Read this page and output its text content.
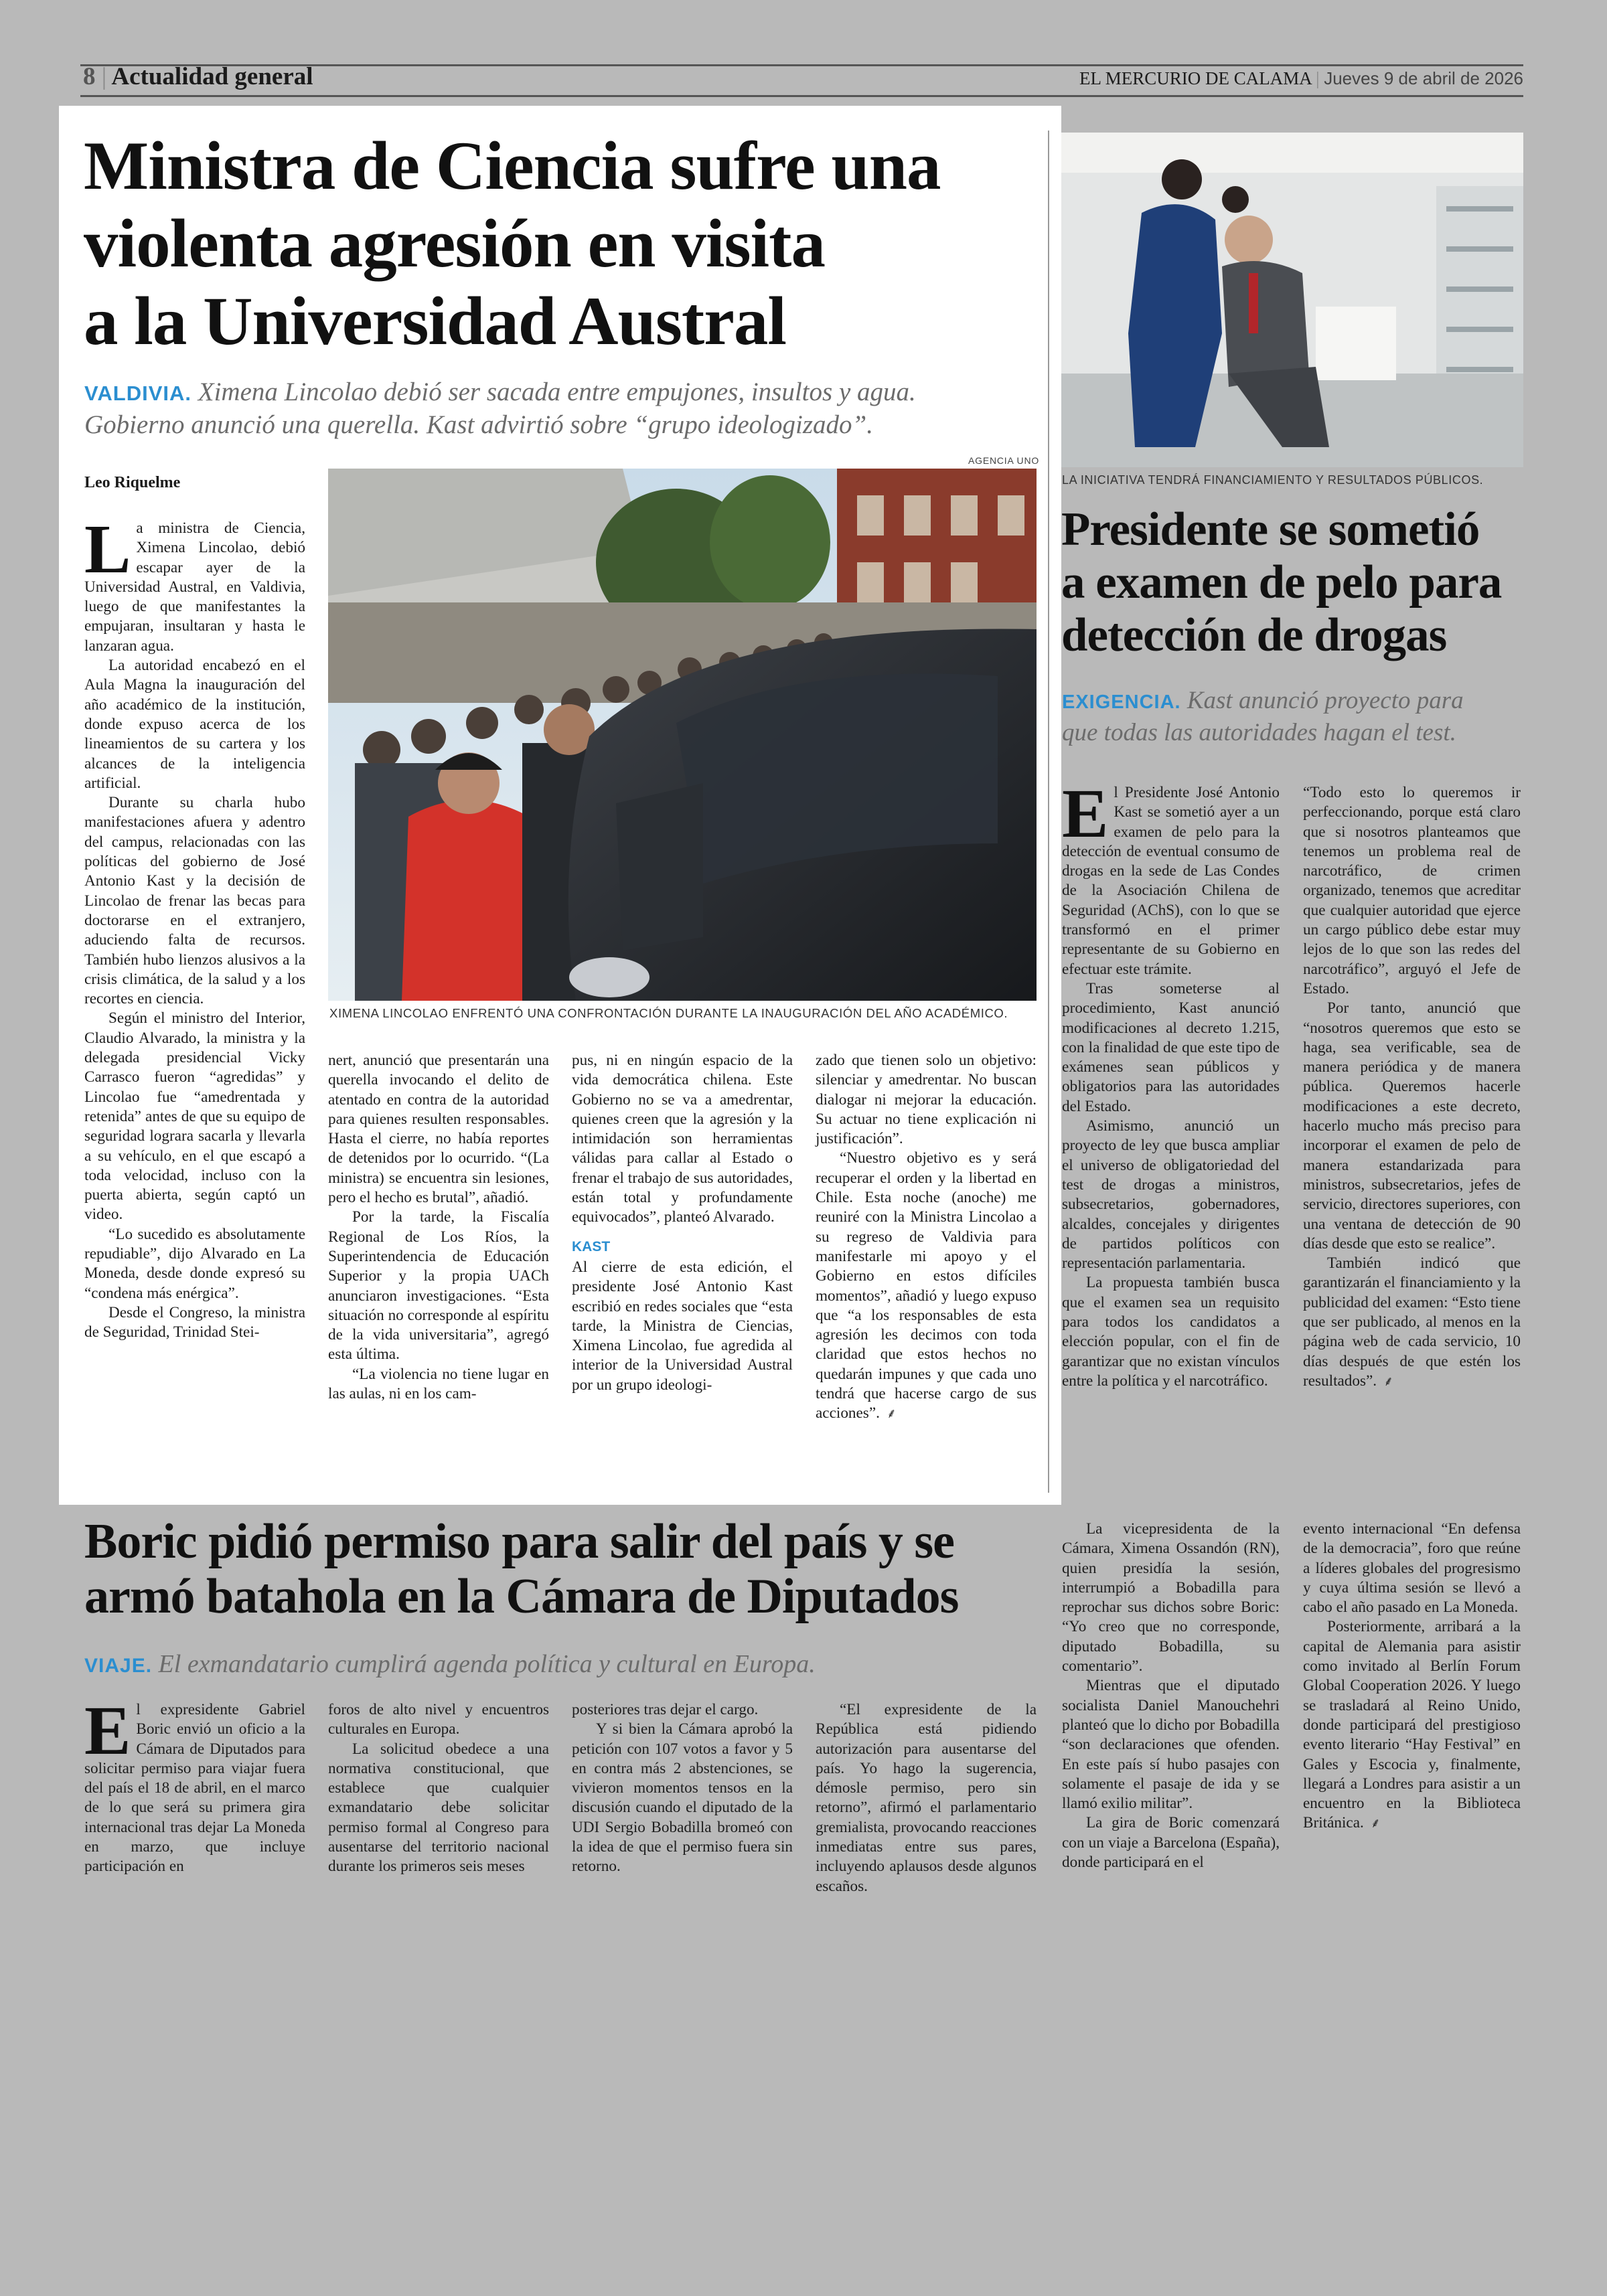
8 | Actualidad general	EL MERCURIO DE CALAMA | Jueves 9 de abril de 2026
Ministra de Ciencia sufre una
violenta agresión en visita
a la Universidad Austral
VALDIVIA. Ximena Lincolao debió ser sacada entre empujones, insultos y agua.
Gobierno anunció una querella. Kast advirtió sobre “grupo ideologizado”.
Leo Riquelme
AGENCIA UNO
XIMENA LINCOLAO ENFRENTÓ UNA CONFRONTACIÓN DURANTE LA INAUGURACIÓN DEL AÑO ACADÉMICO.

La ministra de Ciencia, Ximena Lincolao, debió escapar ayer de la Universidad Austral, en Valdivia, luego de que manifestantes la empujaran, insultaran y hasta le lanzaran agua.

La autoridad encabezó en el Aula Magna la inauguración del año académico de la institución, donde expuso acerca de los lineamientos de su cartera y los alcances de la inteligencia artificial.

Durante su charla hubo manifestaciones afuera y adentro del campus, relacionadas con las políticas del gobierno de José Antonio Kast y la decisión de Lincolao de frenar las becas para doctorarse en el extranjero, aduciendo falta de recursos. También hubo lienzos alusivos a la crisis climática, de la salud y a los recortes en ciencia.

Según el ministro del Interior, Claudio Alvarado, la ministra y la delegada presidencial Vicky Carrasco fueron “agredidas” y Lincolao fue “amedrentada y retenida” antes de que su equipo de seguridad lograra sacarla y llevarla a su vehículo, en el que escapó a toda velocidad, incluso con la puerta abierta, según captó un video.

“Lo sucedido es absolutamente repudiable”, dijo Alvarado en La Moneda, desde donde expresó su “condena más enérgica”.

Desde el Congreso, la ministra de Seguridad, Trinidad Stei-

nert, anunció que presentarán una querella invocando el delito de atentado en contra de la autoridad para quienes resulten responsables. Hasta el cierre, no había reportes de detenidos por lo ocurrido. “(La ministra) se encuentra sin lesiones, pero el hecho es brutal”, añadió.

Por la tarde, la Fiscalía Regional de Los Ríos, la Superintendencia de Educación Superior y la propia UACh anunciaron investigaciones. “Esta situación no corresponde al espíritu de la vida universitaria”, agregó esta última.

“La violencia no tiene lugar en las aulas, ni en los cam-

pus, ni en ningún espacio de la vida democrática chilena. Este Gobierno no se va a amedrentar, quienes creen que la agresión y la intimidación son herramientas válidas para callar al Estado o frenar el trabajo de sus autoridades, están total y profundamente equivocados”, planteó Alvarado.

KAST

Al cierre de esta edición, el presidente José Antonio Kast escribió en redes sociales que “esta tarde, la Ministra de Ciencias, Ximena Lincolao, fue agredida al interior de la Universidad Austral por un grupo ideologi-

zado que tienen solo un objetivo: silenciar y amedrentar. No buscan dialogar ni mejorar la educación. Su actuar no tiene explicación ni justificación”.

“Nuestro objetivo es y será recuperar el orden y la libertad en Chile. Esta noche (anoche) me reuniré con la Ministra Lincolao a su regreso de Valdivia para manifestarle mi apoyo y el Gobierno en estos difíciles momentos”, añadió y luego expuso que “a los responsables de esta agresión les decimos con toda claridad que estos hechos no quedarán impunes y que cada uno tendrá que hacerse cargo de sus acciones”. ⸙

LA INICIATIVA TENDRÁ FINANCIAMIENTO Y RESULTADOS PÚBLICOS.
Presidente se sometió
a examen de pelo para
detección de drogas
EXIGENCIA. Kast anunció proyecto para
que todas las autoridades hagan el test.

El Presidente José Antonio Kast se sometió ayer a un examen de pelo para la detección de eventual consumo de drogas en la sede de Las Condes de la Asociación Chilena de Seguridad (AChS), con lo que se transformó en el primer representante de su Gobierno en efectuar este trámite.

Tras someterse al procedimiento, Kast anunció modificaciones al decreto 1.215, con la finalidad de que este tipo de exámenes sean públicos y obligatorios para las autoridades del Estado.

Asimismo, anunció un proyecto de ley que busca ampliar el universo de obligatoriedad del test de drogas a ministros, subsecretarios, gobernadores, alcaldes, concejales y dirigentes de partidos políticos con representación parlamentaria.

La propuesta también busca que el examen sea un requisito para todos los candidatos a elección popular, con el fin de garantizar que no existan vínculos entre la política y el narcotráfico.

“Todo esto lo queremos ir perfeccionando, porque está claro que si nosotros planteamos que tenemos un problema real de narcotráfico, de crimen organizado, tenemos que acreditar que cualquier autoridad que ejerce un cargo público debe estar muy lejos de lo que son las redes del narcotráfico”, arguyó el Jefe de Estado.

Por tanto, anunció que “nosotros queremos que esto se haga, sea verificable, sea de manera periódica y de manera pública. Queremos hacerle modificaciones a este decreto, hacerlo mucho más preciso para incorporar el examen de pelo de manera estandarizada para ministros, subsecretarios, jefes de servicio, directores superiores, con una ventana de detección de 90 días desde que esto se realice”.

También indicó que garantizarán el financiamiento y la publicidad del examen: “Esto tiene que ser publicado, al menos en la página web de cada servicio, 10 días después de que estén los resultados”. ⸙

Boric pidió permiso para salir del país y se
armó batahola en la Cámara de Diputados
VIAJE. El exmandatario cumplirá agenda política y cultural en Europa.

El expresidente Gabriel Boric envió un oficio a la Cámara de Diputados para solicitar permiso para viajar fuera del país el 18 de abril, en el marco de lo que será su primera gira internacional tras dejar La Moneda en marzo, que incluye participación en

foros de alto nivel y encuentros culturales en Europa.

La solicitud obedece a una normativa constitucional, que establece que cualquier exmandatario debe solicitar permiso formal al Congreso para ausentarse del territorio nacional durante los primeros seis meses

posteriores tras dejar el cargo.

Y si bien la Cámara aprobó la petición con 107 votos a favor y 5 en contra más 2 abstenciones, se vivieron momentos tensos en la discusión cuando el diputado de la UDI Sergio Bobadilla bromeó con la idea de que el permiso fuera sin retorno.

“El expresidente de la República está pidiendo autorización para ausentarse del país. Yo hago la sugerencia, démosle permiso, pero sin retorno”, afirmó el parlamentario gremialista, provocando reacciones inmediatas entre sus pares, incluyendo aplausos desde algunos escaños.

La vicepresidenta de la Cámara, Ximena Ossandón (RN), quien presidía la sesión, interrumpió a Bobadilla para reprochar sus dichos sobre Boric: “Yo creo que no corresponde, diputado Bobadilla, su comentario”.

Mientras que el diputado socialista Daniel Manouchehri planteó que lo dicho por Bobadilla “son declaraciones que ofenden. En este país sí hubo pasajes con solamente el pasaje de ida y se llamó exilio militar”.

La gira de Boric comenzará con un viaje a Barcelona (España), donde participará en el

evento internacional “En defensa de la democracia”, foro que reúne a líderes globales del progresismo y cuya última sesión se llevó a cabo el año pasado en La Moneda.

Posteriormente, arribará a la capital de Alemania para asistir como invitado al Berlín Forum Global Cooperation 2026. Y luego se trasladará al Reino Unido, donde participará del prestigioso evento literario “Hay Festival” en Gales y Escocia y, finalmente, llegará a Londres para asistir a un encuentro en la Biblioteca Británica. ⸙
